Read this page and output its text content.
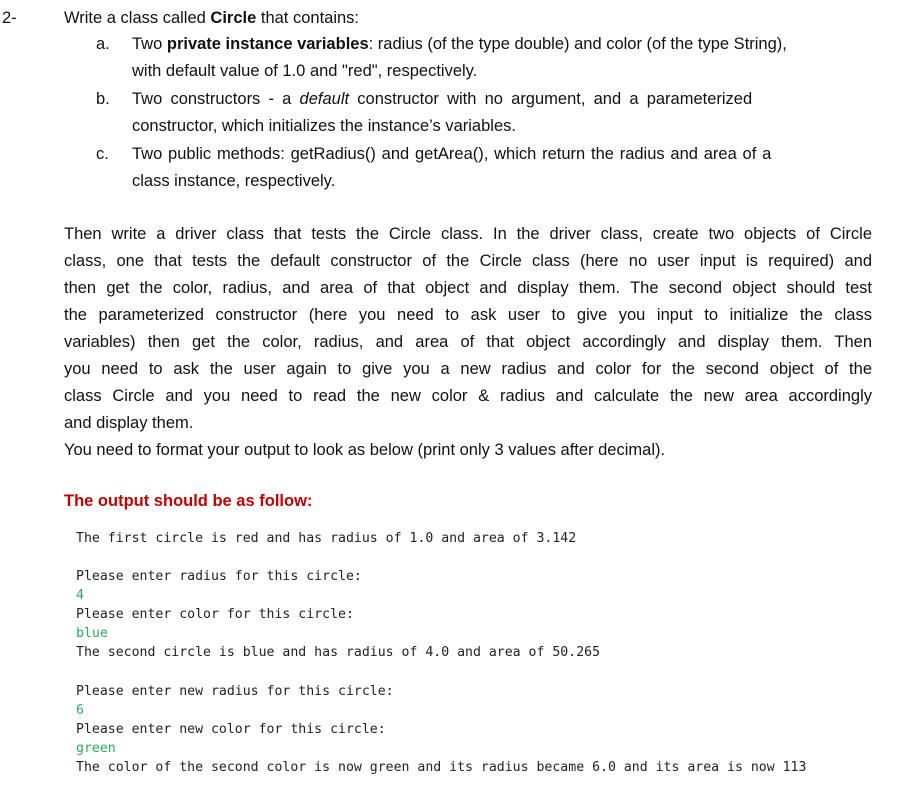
2-	Write a class called Circle that contains:
a.	Two private instance variables: radius (of the type double) and color (of the type String),
with default value of 1.0 and "red", respectively.
b.	Two constructors - a default constructor with no argument, and a parameterized
constructor, which initializes the instance’s variables.
c.	Two public methods: getRadius() and getArea(), which return the radius and area of a
class instance, respectively.
Then write a driver class that tests the Circle class. In the driver class, create two objects of Circle
class, one that tests the default constructor of the Circle class (here no user input is required) and
then get the color, radius, and area of that object and display them. The second object should test
the parameterized constructor (here you need to ask user to give you input to initialize the class
variables) then get the color, radius, and area of that object accordingly and display them. Then
you need to ask the user again to give you a new radius and color for the second object of the
class Circle and you need to read the new color & radius and calculate the new area accordingly
and display them.
You need to format your output to look as below (print only 3 values after decimal).
The output should be as follow:
The first circle is red and has radius of 1.0 and area of 3.142
Please enter radius for this circle:
4
Please enter color for this circle:
blue
The second circle is blue and has radius of 4.0 and area of 50.265
Please enter new radius for this circle:
6
Please enter new color for this circle:
green
The color of the second color is now green and its radius became 6.0 and its area is now 113
